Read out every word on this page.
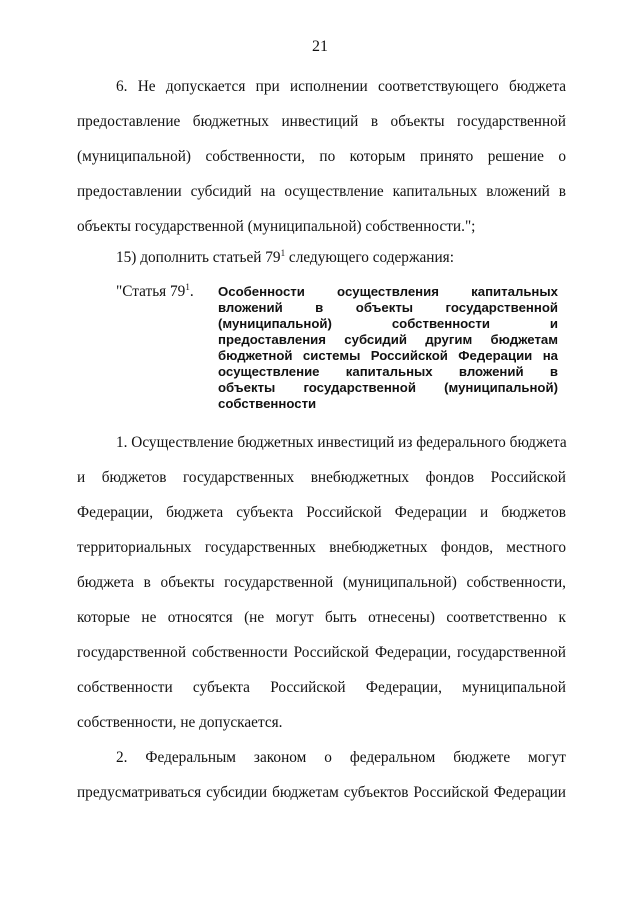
21
6. Не допускается при исполнении соответствующего бюджета
предоставление бюджетных инвестиций в объекты государственной
(муниципальной) собственности, по которым принято решение о
предоставлении субсидий на осуществление капитальных вложений в
объекты государственной (муниципальной) собственности.";
15) дополнить статьей $79^1$ следующего содержания:
"Статья $79^1$. Особенности осуществления капитальных
вложений в объекты государственной
(муниципальной) собственности и
предоставления субсидий другим бюджетам
бюджетной системы Российской Федерации на
осуществление капитальных вложений в
объекты государственной (муниципальной)
собственности
1. Осуществление бюджетных инвестиций из федерального бюджета
и бюджетов государственных внебюджетных фондов Российской
Федерации, бюджета субъекта Российской Федерации и бюджетов
территориальных государственных внебюджетных фондов, местного
бюджета в объекты государственной (муниципальной) собственности,
которые не относятся (не могут быть отнесены) соответственно к
государственной собственности Российской Федерации, государственной
собственности субъекта Российской Федерации, муниципальной
собственности, не допускается.
2. Федеральным законом о федеральном бюджете могут
предусматриваться субсидии бюджетам субъектов Российской Федерации
